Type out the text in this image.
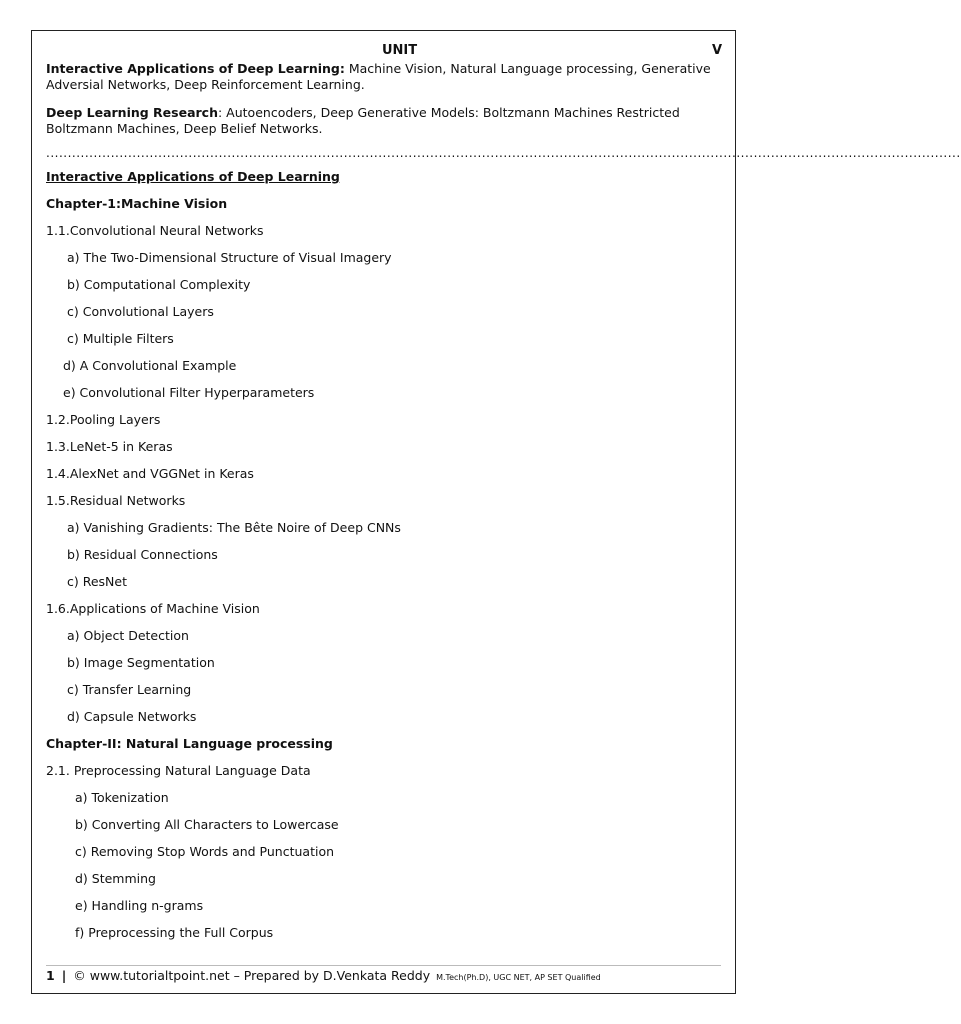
UNIT	V

Interactive Applications of Deep Learning: Machine Vision, Natural Language processing, Generative Adversial Networks, Deep Reinforcement Learning.

Deep Learning Research: Autoencoders, Deep Generative Models: Boltzmann Machines Restricted Boltzmann Machines, Deep Belief Networks.

....................................................................................................................................................................................................................
Interactive Applications of Deep Learning
Chapter-1:Machine Vision
1.1.Convolutional Neural Networks
a) The Two-Dimensional Structure of Visual Imagery
b) Computational Complexity
c) Convolutional Layers
c) Multiple Filters
d) A Convolutional Example
e) Convolutional Filter Hyperparameters
1.2.Pooling Layers
1.3.LeNet-5 in Keras
1.4.AlexNet and VGGNet in Keras
1.5.Residual Networks
a) Vanishing Gradients: The Bête Noire of Deep CNNs
b) Residual Connections
c) ResNet
1.6.Applications of Machine Vision
a) Object Detection
b) Image Segmentation
c) Transfer Learning
d) Capsule Networks
Chapter-II: Natural Language processing
2.1. Preprocessing Natural Language Data
a) Tokenization
b) Converting All Characters to Lowercase
c) Removing Stop Words and Punctuation
d) Stemming
e) Handling n-grams
f) Preprocessing the Full Corpus
1 | © www.tutorialtpoint.net – Prepared by D.Venkata Reddy M.Tech(Ph.D), UGC NET, AP SET Qualified
